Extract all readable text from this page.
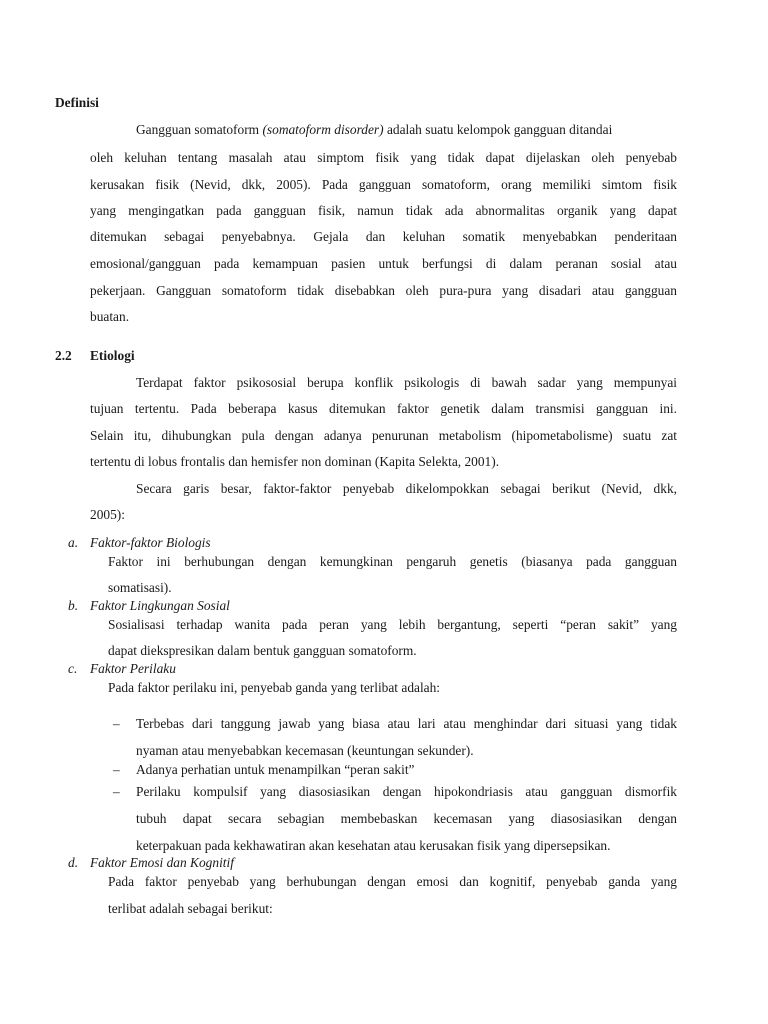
Definisi
Gangguan somatoform (somatoform disorder) adalah suatu kelompok gangguan ditandai
oleh keluhan tentang masalah atau simptom fisik yang tidak dapat dijelaskan oleh penyebab
kerusakan fisik (Nevid, dkk, 2005). Pada gangguan somatoform, orang memiliki simtom fisik
yang mengingatkan pada gangguan fisik, namun tidak ada abnormalitas organik yang dapat
ditemukan sebagai penyebabnya. Gejala dan keluhan somatik menyebabkan penderitaan
emosional/gangguan pada kemampuan pasien untuk berfungsi di dalam peranan sosial atau
pekerjaan. Gangguan somatoform tidak disebabkan oleh pura-pura yang disadari atau gangguan
buatan.
2.2 Etiologi
Terdapat faktor psikososial berupa konflik psikologis di bawah sadar yang mempunyai
tujuan tertentu. Pada beberapa kasus ditemukan faktor genetik dalam transmisi gangguan ini.
Selain itu, dihubungkan pula dengan adanya penurunan metabolism (hipometabolisme) suatu zat
tertentu di lobus frontalis dan hemisfer non dominan (Kapita Selekta, 2001).
Secara garis besar, faktor-faktor penyebab dikelompokkan sebagai berikut (Nevid, dkk,
2005):
a. Faktor-faktor Biologis
Faktor ini berhubungan dengan kemungkinan pengaruh genetis (biasanya pada gangguan
somatisasi).
b. Faktor Lingkungan Sosial
Sosialisasi terhadap wanita pada peran yang lebih bergantung, seperti “peran sakit” yang
dapat diekspresikan dalam bentuk gangguan somatoform.
c. Faktor Perilaku
Pada faktor perilaku ini, penyebab ganda yang terlibat adalah:
– Terbebas dari tanggung jawab yang biasa atau lari atau menghindar dari situasi yang tidak
nyaman atau menyebabkan kecemasan (keuntungan sekunder).
– Adanya perhatian untuk menampilkan “peran sakit”
– Perilaku kompulsif yang diasosiasikan dengan hipokondriasis atau gangguan dismorfik
tubuh dapat secara sebagian membebaskan kecemasan yang diasosiasikan dengan
keterpakuan pada kekhawatiran akan kesehatan atau kerusakan fisik yang dipersepsikan.
d. Faktor Emosi dan Kognitif
Pada faktor penyebab yang berhubungan dengan emosi dan kognitif, penyebab ganda yang
terlibat adalah sebagai berikut:
